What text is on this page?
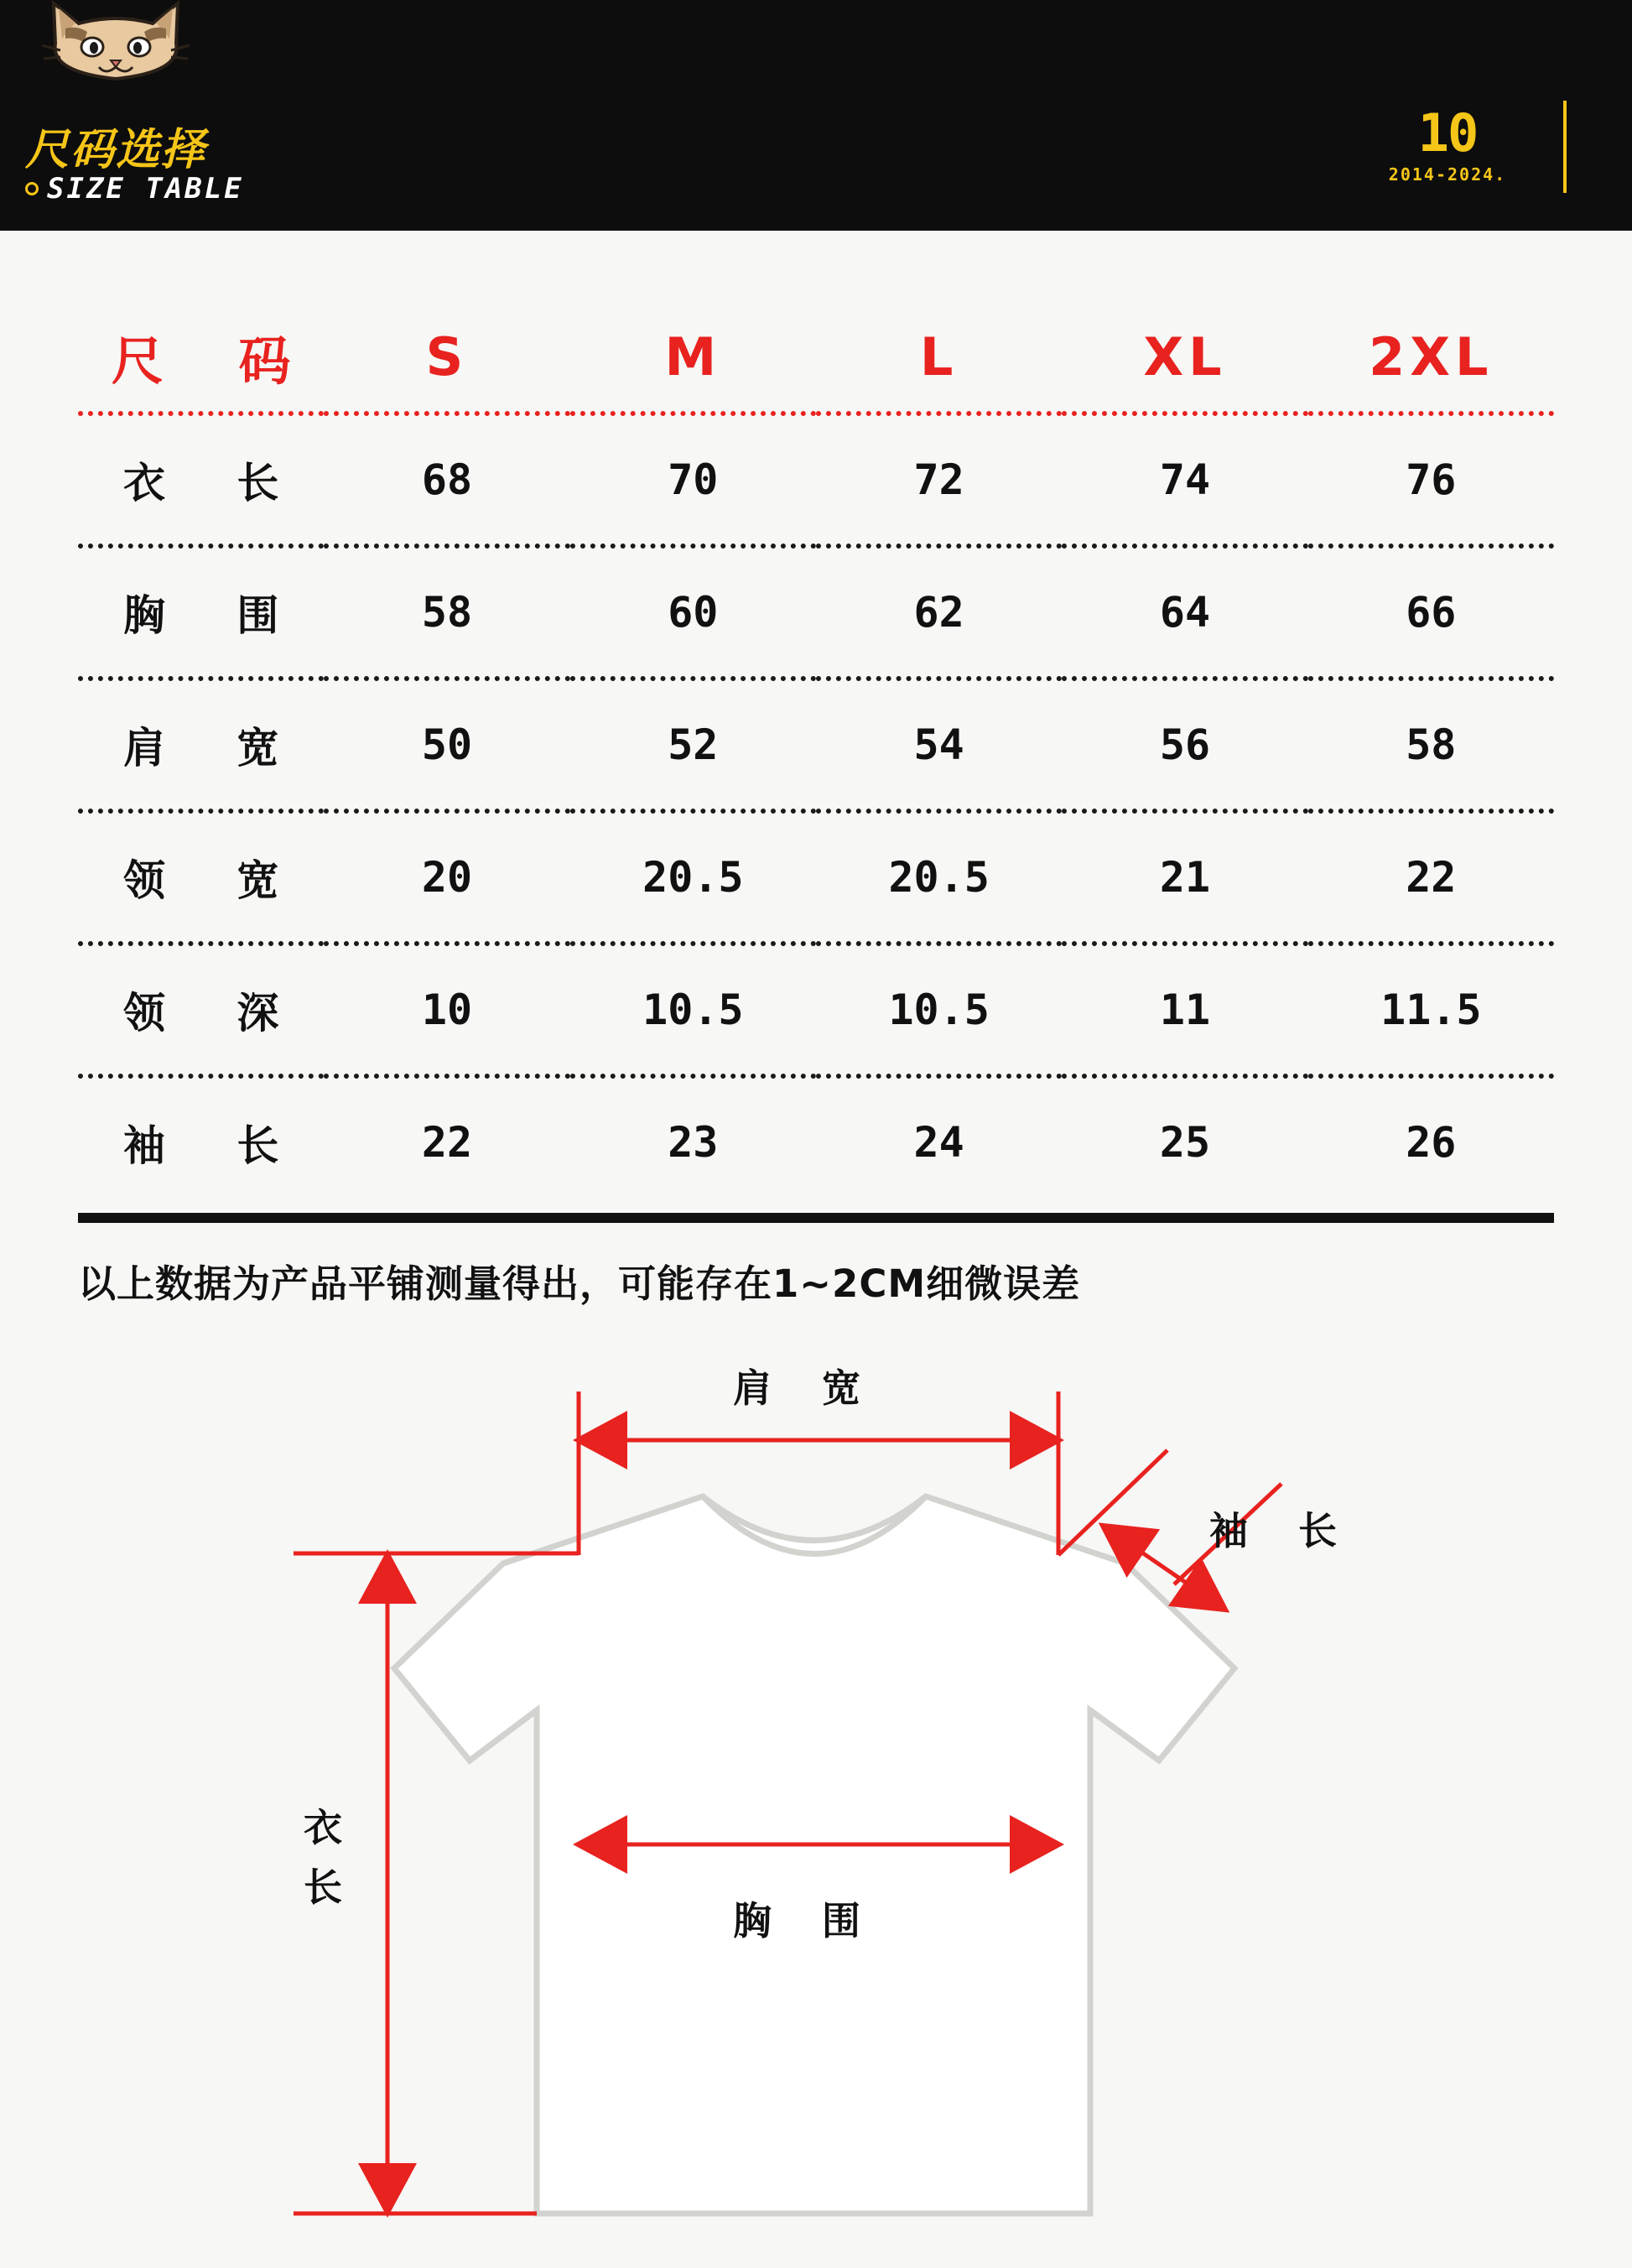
尺码选择
SIZE TABLE
10
2014-2024.
尺 码	S	M	L	XL	2XL
衣 长	68	70	72	74	76
胸 围	58	60	62	64	66
肩 宽	50	52	54	56	58
领 宽	20	20.5	20.5	21	22
领 深	10	10.5	10.5	11	11.5
袖 长	22	23	24	25	26
以上数据为产品平铺测量得出，可能存在1~2CM细微误差
肩 宽
袖 长
胸 围
衣
长
